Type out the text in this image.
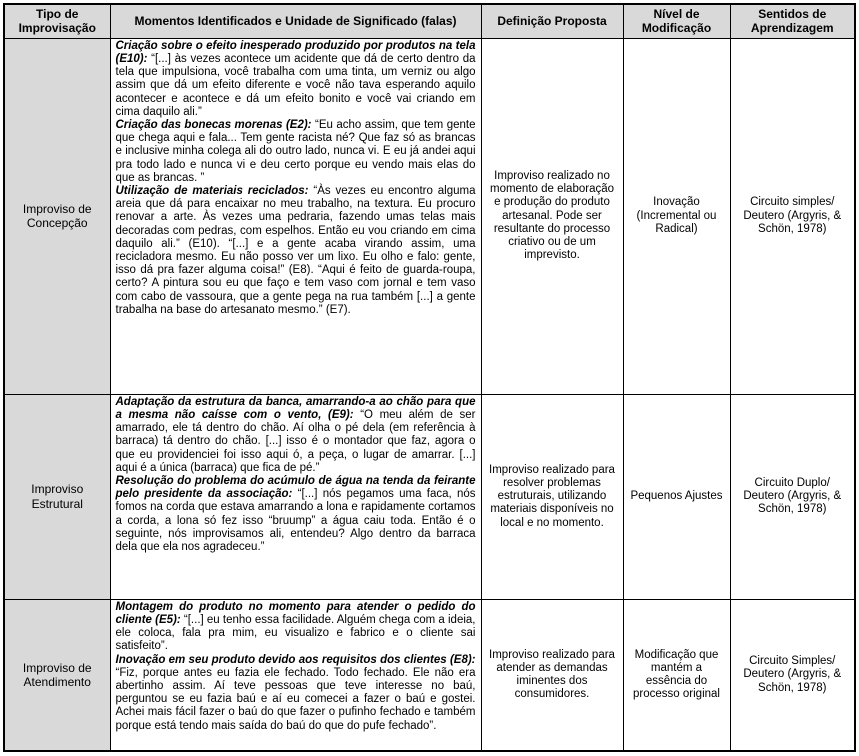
Tipo de Improvisação	Momentos Identificados e Unidade de Significado (falas)	Definição Proposta	Nível de Modificação	Sentidos de Aprendizagem
Improviso de Concepção	Criação sobre o efeito inesperado produzido por produtos na tela (E10): “[...] às vezes acontece um acidente que dá de certo dentro da tela que impulsiona, você trabalha com uma tinta, um verniz ou algo assim que dá um efeito diferente e você não tava esperando aquilo acontecer e acontece e dá um efeito bonito e você vai criando em cima daquilo ali.”

Criação das bonecas morenas (E2): “Eu acho assim, que tem gente que chega aqui e fala... Tem gente racista né? Que faz só as brancas e inclusive minha colega ali do outro lado, nunca vi. E eu já andei aqui pra todo lado e nunca vi e deu certo porque eu vendo mais elas do que as brancas. ”

Utilização de materiais reciclados: “Às vezes eu encontro alguma areia que dá para encaixar no meu trabalho, na textura. Eu procuro renovar a arte. Às vezes uma pedraria, fazendo umas telas mais decoradas com pedras, com espelhos. Então eu vou criando em cima daquilo ali.” (E10). “[...] e a gente acaba virando assim, uma recicladora mesmo. Eu não posso ver um lixo. Eu olho e falo: gente, isso dá pra fazer alguma coisa!” (E8). “Aqui é feito de guarda-roupa, certo? A pintura sou eu que faço e tem vaso com jornal e tem vaso com cabo de vassoura, que a gente pega na rua também [...] a gente trabalha na base do artesanato mesmo.” (E7).	Improviso realizado no momento de elaboração e produção do produto artesanal. Pode ser resultante do processo criativo ou de um imprevisto.	Inovação (Incremental ou Radical)	Circuito simples/ Deutero (Argyris, & Schön, 1978)
Improviso Estrutural	Adaptação da estrutura da banca, amarrando-a ao chão para que a mesma não caísse com o vento, (E9): “O meu além de ser amarrado, ele tá dentro do chão. Aí olha o pé dela (em referência à barraca) tá dentro do chão. [...] isso é o montador que faz, agora o que eu providenciei foi isso aqui ó, a peça, o lugar de amarrar. [...] aqui é a única (barraca) que fica de pé.”

Resolução do problema do acúmulo de água na tenda da feirante pelo presidente da associação: “[...] nós pegamos uma faca, nós fomos na corda que estava amarrando a lona e rapidamente cortamos a corda, a lona só fez isso “bruump” a água caiu toda. Então é o seguinte, nós improvisamos ali, entendeu? Algo dentro da barraca dela que ela nos agradeceu.”	Improviso realizado para resolver problemas estruturais, utilizando materiais disponíveis no local e no momento.	Pequenos Ajustes	Circuito Duplo/ Deutero (Argyris, & Schön, 1978)
Improviso de Atendimento	Montagem do produto no momento para atender o pedido do cliente (E5): “[...] eu tenho essa facilidade. Alguém chega com a ideia, ele coloca, fala pra mim, eu visualizo e fabrico e o cliente sai satisfeito”.

Inovação em seu produto devido aos requisitos dos clientes (E8): “Fiz, porque antes eu fazia ele fechado. Todo fechado. Ele não era abertinho assim. Aí teve pessoas que teve interesse no baú, perguntou se eu fazia baú e aí eu comecei a fazer o baú e gostei. Achei mais fácil fazer o baú do que fazer o pufinho fechado e também porque está tendo mais saída do baú do que do pufe fechado”.	Improviso realizado para atender as demandas iminentes dos consumidores.	Modificação que mantém a essência do processo original	Circuito Simples/ Deutero (Argyris, & Schön, 1978)
